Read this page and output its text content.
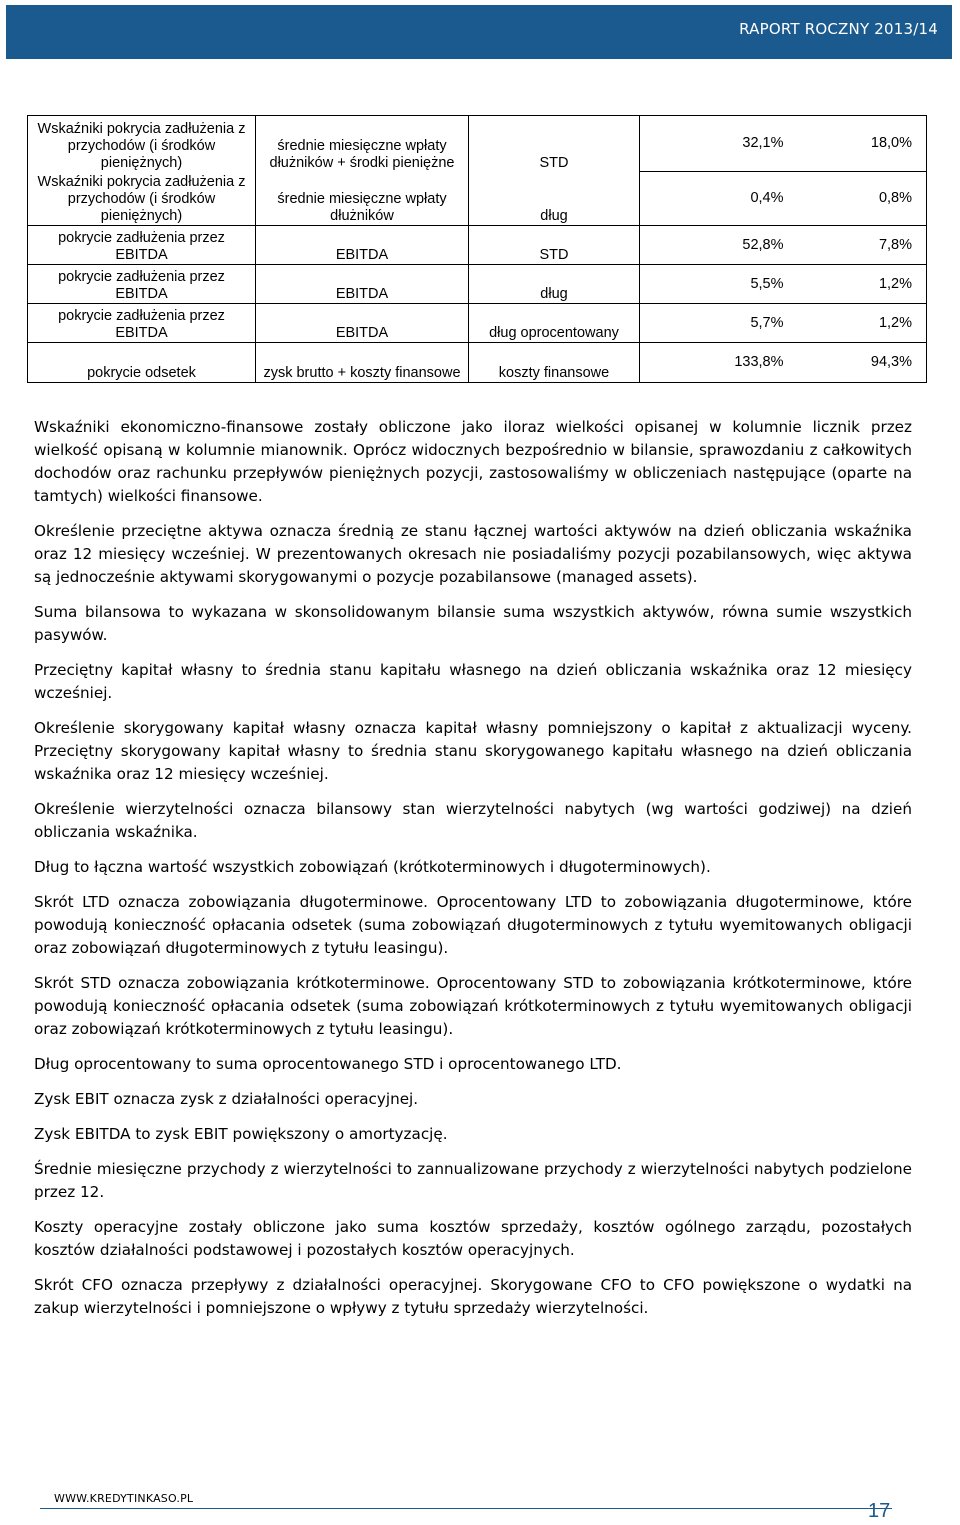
RAPORT ROCZNY 2013/14
Wskaźniki pokrycia zadłużenia z przychodów (i środków pieniężnych)	średnie miesięczne wpłaty dłużników + środki pieniężne	STD	32,1%	18,0%
Wskaźniki pokrycia zadłużenia z przychodów (i środków pieniężnych)	średnie miesięczne wpłaty dłużników	dług	0,4%	0,8%
pokrycie zadłużenia przez EBITDA	EBITDA	STD	52,8%	7,8%
pokrycie zadłużenia przez EBITDA	EBITDA	dług	5,5%	1,2%
pokrycie zadłużenia przez EBITDA	EBITDA	dług oprocentowany	5,7%	1,2%
pokrycie odsetek	zysk brutto + koszty finansowe	koszty finansowe	133,8%	94,3%

Wskaźniki ekonomiczno-finansowe zostały obliczone jako iloraz wielkości opisanej w kolumnie licznik przez wielkość opisaną w kolumnie mianownik. Oprócz widocznych bezpośrednio w bilansie, sprawozdaniu z całkowitych dochodów oraz rachunku przepływów pieniężnych pozycji, zastosowaliśmy w obliczeniach następujące (oparte na tamtych) wielkości finansowe.

Określenie przeciętne aktywa oznacza średnią ze stanu łącznej wartości aktywów na dzień obliczania wskaźnika oraz 12 miesięcy wcześniej. W prezentowanych okresach nie posiadaliśmy pozycji pozabilansowych, więc aktywa są jednocześnie aktywami skorygowanymi o pozycje pozabilansowe (managed assets).

Suma bilansowa to wykazana w skonsolidowanym bilansie suma wszystkich aktywów, równa sumie wszystkich pasywów.

Przeciętny kapitał własny to średnia stanu kapitału własnego na dzień obliczania wskaźnika oraz 12 miesięcy wcześniej.

Określenie skorygowany kapitał własny oznacza kapitał własny pomniejszony o kapitał z aktualizacji wyceny. Przeciętny skorygowany kapitał własny to średnia stanu skorygowanego kapitału własnego na dzień obliczania wskaźnika oraz 12 miesięcy wcześniej.

Określenie wierzytelności oznacza bilansowy stan wierzytelności nabytych (wg wartości godziwej) na dzień obliczania wskaźnika.

Dług to łączna wartość wszystkich zobowiązań (krótkoterminowych i długoterminowych).

Skrót LTD oznacza zobowiązania długoterminowe. Oprocentowany LTD to zobowiązania długoterminowe, które powodują konieczność opłacania odsetek (suma zobowiązań długoterminowych z tytułu wyemitowanych obligacji oraz zobowiązań długoterminowych z tytułu leasingu).

Skrót STD oznacza zobowiązania krótkoterminowe. Oprocentowany STD to zobowiązania krótkoterminowe, które powodują konieczność opłacania odsetek (suma zobowiązań krótkoterminowych z tytułu wyemitowanych obligacji oraz zobowiązań krótkoterminowych z tytułu leasingu).

Dług oprocentowany to suma oprocentowanego STD i oprocentowanego LTD.

Zysk EBIT oznacza zysk z działalności operacyjnej.

Zysk EBITDA to zysk EBIT powiększony o amortyzację.

Średnie miesięczne przychody z wierzytelności to zannualizowane przychody z wierzytelności nabytych podzielone przez 12.

Koszty operacyjne zostały obliczone jako suma kosztów sprzedaży, kosztów ogólnego zarządu, pozostałych kosztów działalności podstawowej i pozostałych kosztów operacyjnych.

Skrót CFO oznacza przepływy z działalności operacyjnej. Skorygowane CFO to CFO powiększone o wydatki na zakup wierzytelności i pomniejszone o wpływy z tytułu sprzedaży wierzytelności.

WWW.KREDYTINKASO.PL
17
